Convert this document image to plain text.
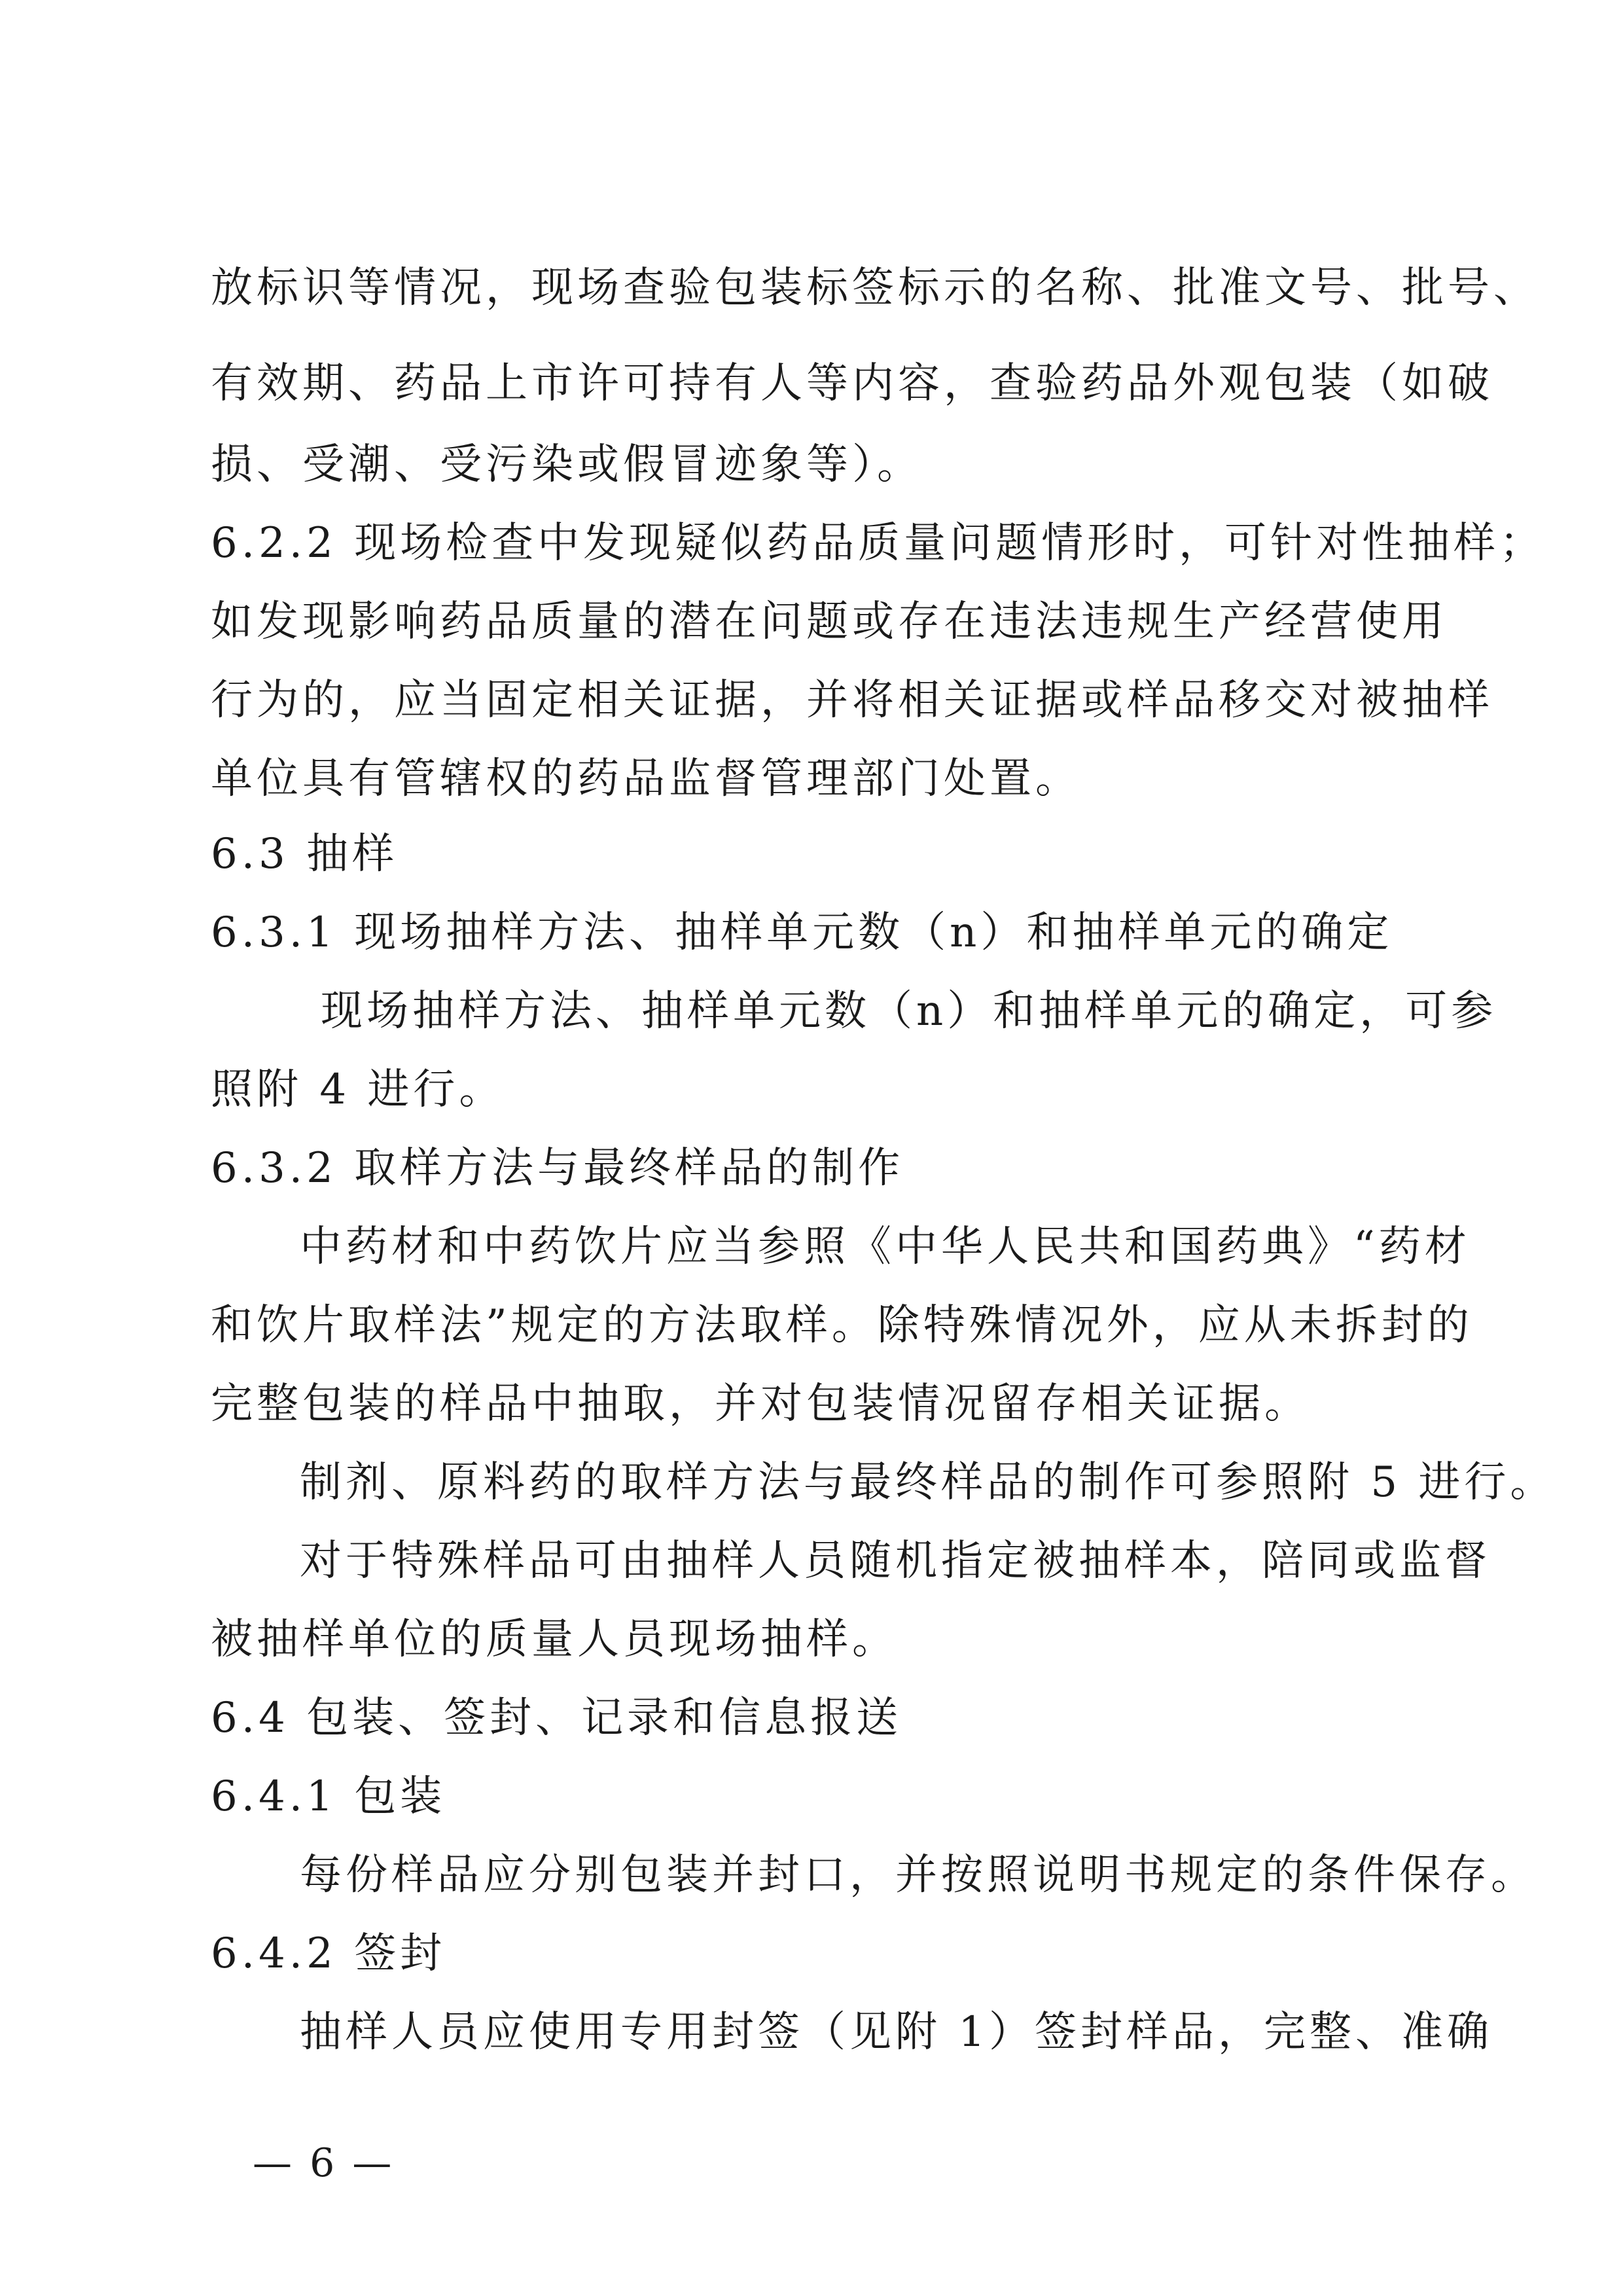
放标识等情况，现场查验包装标签标示的名称、批准文号、批号、
有效期、药品上市许可持有人等内容，查验药品外观包装（如破
损、受潮、受污染或假冒迹象等）。
6.2.2 现场检查中发现疑似药品质量问题情形时，可针对性抽样；
如发现影响药品质量的潜在问题或存在违法违规生产经营使用
行为的，应当固定相关证据，并将相关证据或样品移交对被抽样
单位具有管辖权的药品监督管理部门处置。
6.3 抽样
6.3.1 现场抽样方法、抽样单元数（n）和抽样单元的确定
现场抽样方法、抽样单元数（n）和抽样单元的确定，可参
照附 4 进行。
6.3.2 取样方法与最终样品的制作
中药材和中药饮片应当参照《中华人民共和国药典》“药材
和饮片取样法”规定的方法取样。除特殊情况外，应从未拆封的
完整包装的样品中抽取，并对包装情况留存相关证据。
制剂、原料药的取样方法与最终样品的制作可参照附 5 进行。
对于特殊样品可由抽样人员随机指定被抽样本，陪同或监督
被抽样单位的质量人员现场抽样。
6.4 包装、签封、记录和信息报送
6.4.1 包装
每份样品应分别包装并封口，并按照说明书规定的条件保存。
6.4.2 签封
抽样人员应使用专用封签（见附 1）签封样品，完整、准确
— 6 —
